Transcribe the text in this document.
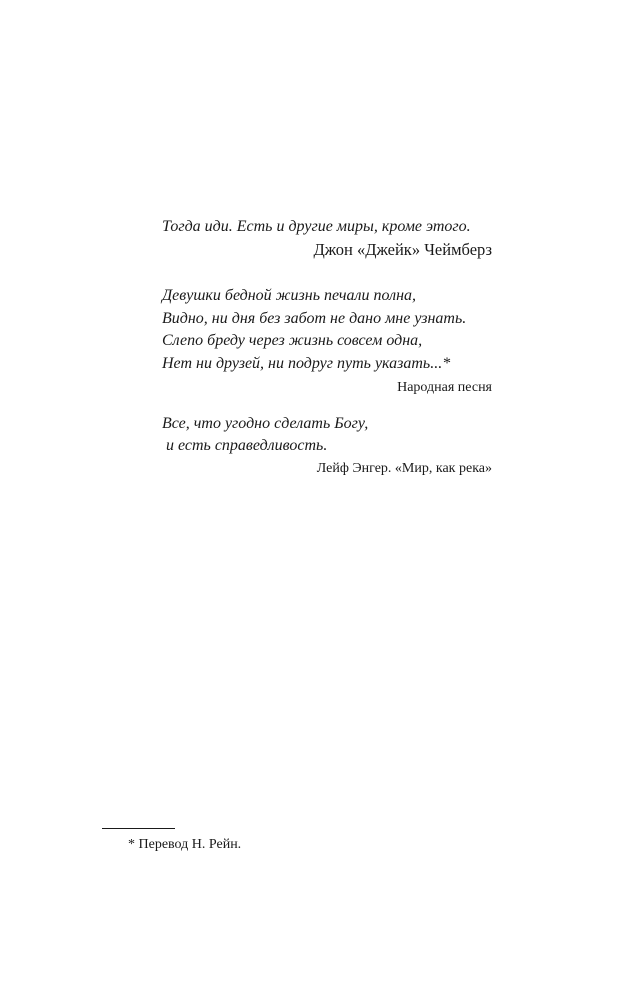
Тогда иди. Есть и другие миры, кроме этого.
Джон «Джейк» Чеймберз
Девушки бедной жизнь печали полна,
Видно, ни дня без забот не дано мне узнать.
Слепо бреду через жизнь совсем одна,
Нет ни друзей, ни подруг путь указать...*
Народная песня
Все, что угодно сделать Богу,
и есть справедливость.
Лейф Энгер. «Мир, как река»
* Перевод Н. Рейн.
